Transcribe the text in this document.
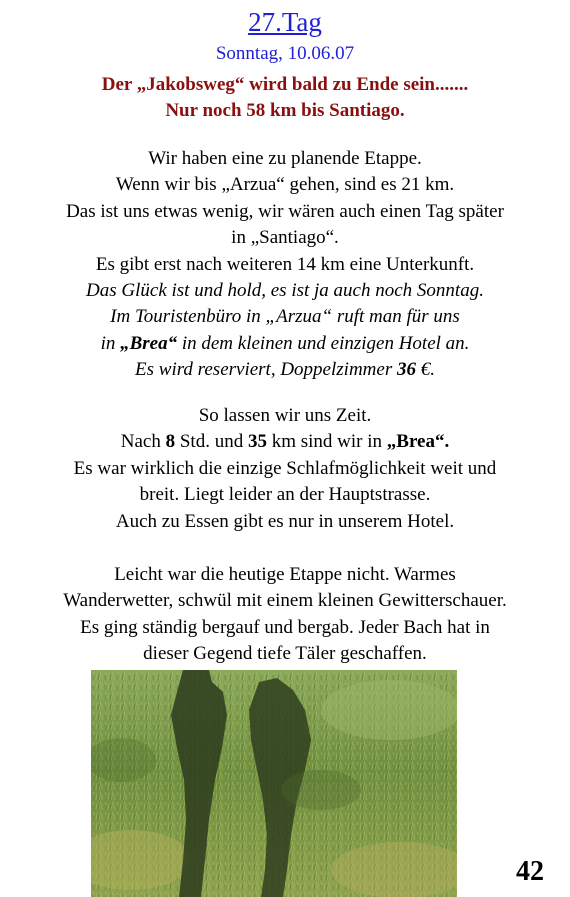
27.Tag
Sonntag, 10.06.07
Der „Jakobsweg“ wird bald zu Ende sein.......
Nur noch 58 km bis Santiago.
Wir haben eine zu planende Etappe.
Wenn wir bis „Arzua“ gehen, sind es 21 km.
Das ist uns etwas wenig, wir wären auch einen Tag später
in „Santiago“.
Es gibt erst nach weiteren 14 km eine Unterkunft.
Das Glück ist und hold, es ist ja auch noch Sonntag.
Im Touristenbüro in „Arzua“ ruft man für uns
in „Brea“ in dem kleinen und einzigen Hotel an.
Es wird reserviert, Doppelzimmer 36 €.
So lassen wir uns Zeit.
Nach 8 Std. und 35 km sind wir in „Brea“.
Es war wirklich die einzige Schlafmöglichkeit weit und
breit. Liegt leider an der Hauptstrasse.
Auch zu Essen gibt es nur in unserem Hotel.
Leicht war die heutige Etappe nicht. Warmes
Wanderwetter, schwül mit einem kleinen Gewitterschauer.
Es ging ständig bergauf und bergab. Jeder Bach hat in
dieser Gegend tiefe Täler geschaffen.
42
